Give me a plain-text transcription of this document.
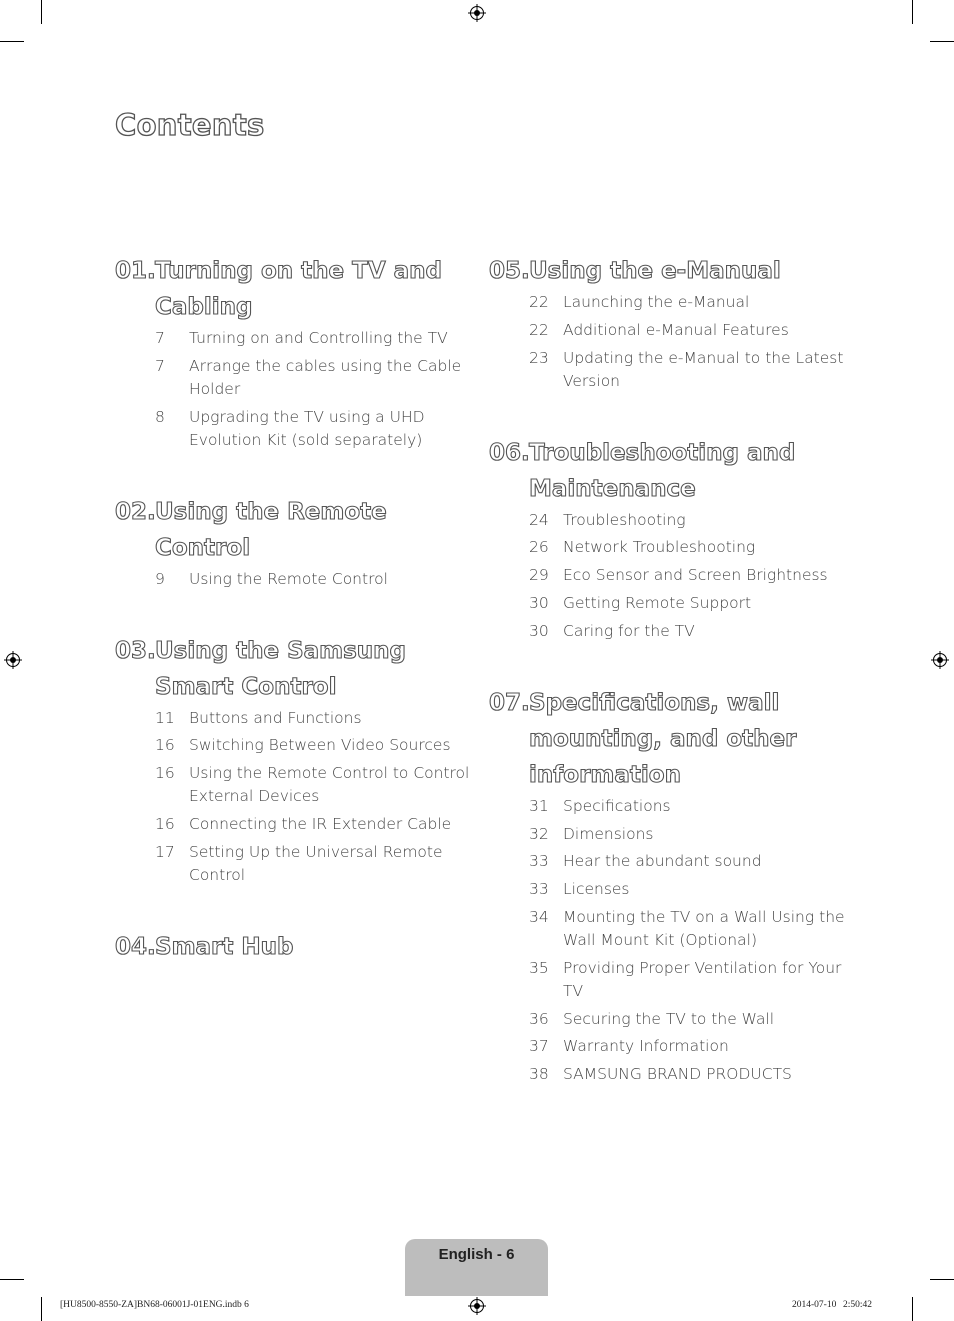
Contents
01. Turning on the TV and Cabling
7	Turning on and Controlling the TV
7	Arrange the cables using the Cable Holder
8	Upgrading the TV using a UHD Evolution Kit (sold separately)
02. Using the Remote Control
9	Using the Remote Control
03. Using the Samsung Smart Control
11 Buttons and Functions
16 Switching Between Video Sources
16 Using the Remote Control to Control External Devices
16 Connecting the IR Extender Cable
17 Setting Up the Universal Remote Control
04. Smart Hub
05. Using the e-Manual
22 Launching the e-Manual
22 Additional e-Manual Features
23 Updating the e-Manual to the Latest Version
06. Troubleshooting and Maintenance
24 Troubleshooting
26 Network Troubleshooting
29 Eco Sensor and Screen Brightness
30 Getting Remote Support
30 Caring for the TV
07. Specifications, wall mounting, and other information
31 Specifications
32 Dimensions
33 Hear the abundant sound
33 Licenses
34 Mounting the TV on a Wall Using the Wall Mount Kit (Optional)
35 Providing Proper Ventilation for Your TV
36 Securing the TV to the Wall
37 Warranty Information
38 SAMSUNG BRAND PRODUCTS
English - 6
[HU8500-8550-ZA]BN68-06001J-01ENG.indb 6	2014-07-10   2:50:42
